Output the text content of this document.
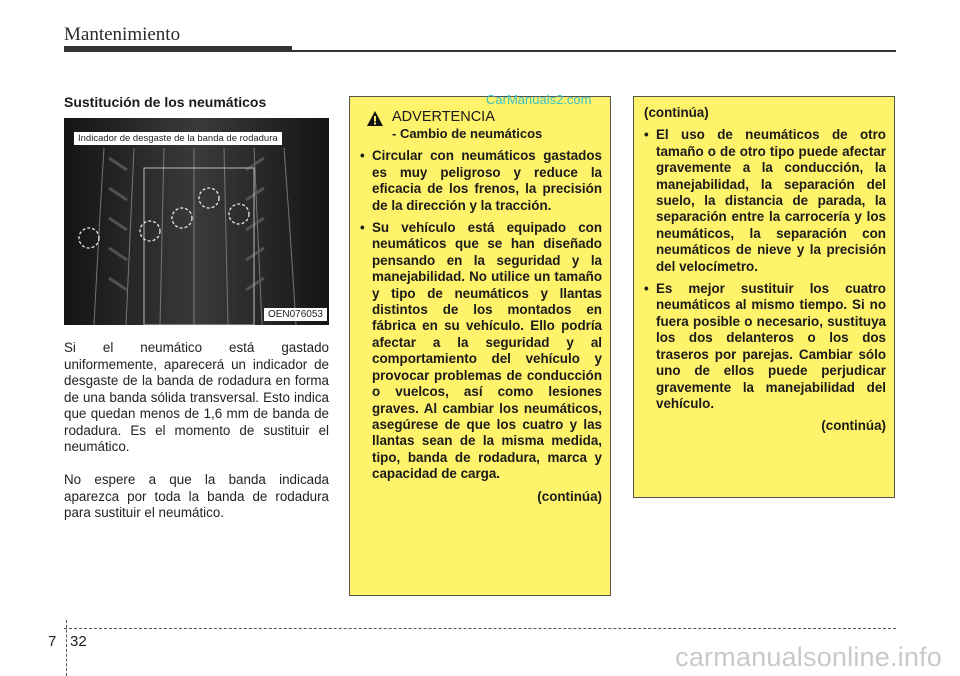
Mantenimiento
Sustitución de los neumáticos
Indicador de desgaste de la banda de rodadura
OEN076053
Si el neumático está gastado uniformemente, aparecerá un indicador de desgaste de la banda de rodadura en forma de una banda sólida transversal. Esto indica que quedan menos de 1,6 mm de banda de rodadura. Es el momento de sustituir el neumático.
No espere a que la banda indicada aparezca por toda la banda de rodadura para sustituir el neumático.
ADVERTENCIA
- Cambio de neumáticos
• Circular con neumáticos gastados es muy peligroso y reduce la eficacia de los frenos, la precisión de la dirección y la tracción.
• Su vehículo está equipado con neumáticos que se han diseñado pensando en la seguridad y la manejabilidad. No utilice un tamaño y tipo de neumáticos y llantas distintos de los montados en fábrica en su vehículo. Ello podría afectar a la seguridad y al comportamiento del vehículo y provocar problemas de conducción o vuelcos, así como lesiones graves. Al cambiar los neumáticos, asegúrese de que los cuatro y las llantas sean de la misma medida, tipo, banda de rodadura, marca y capacidad de carga.
(continúa)
(continúa)
• El uso de neumáticos de otro tamaño o de otro tipo puede afectar gravemente a la conducción, la manejabilidad, la separación del suelo, la distancia de parada, la separación entre la carrocería y los neumáticos, la separación con neumáticos de nieve y la precisión del velocímetro.
• Es mejor sustituir los cuatro neumáticos al mismo tiempo. Si no fuera posible o necesario, sustituya los dos delanteros o los dos traseros por parejas. Cambiar sólo uno de ellos puede perjudicar gravemente la manejabilidad del vehículo.
(continúa)
CarManuals2.com
7 32
carmanualsonline.info
